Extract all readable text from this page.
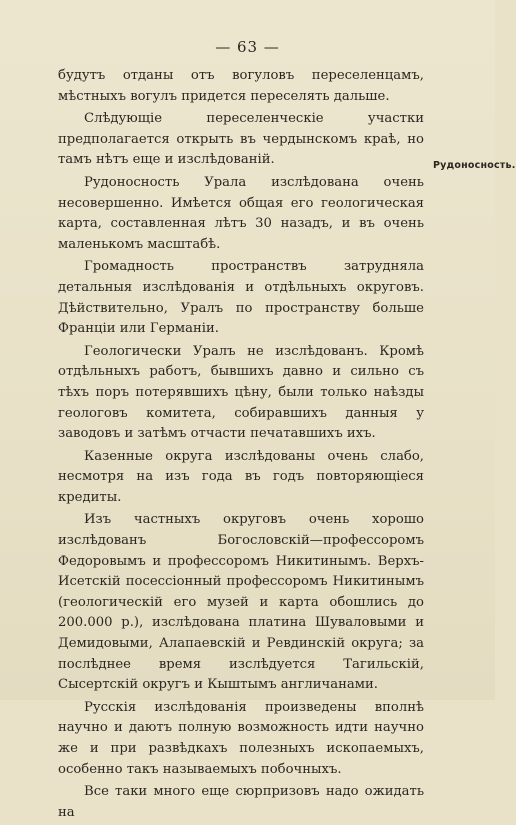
— 63 —

будутъ отданы отъ вогуловъ переселенцамъ, мѣстныхъ вогулъ придется переселять дальше.

Слѣдующіе переселенческіе участки предполагается открыть въ чердынскомъ краѣ, но тамъ нѣтъ еще и изслѣдованій.

Рудоносность Урала изслѣдована очень несовершенно. Имѣется общая его геологическая карта, составленная лѣтъ 30 назадъ, и въ очень маленькомъ масштабѣ.

Громадность пространствъ затрудняла детальныя изслѣдованія и отдѣльныхъ округовъ. Дѣйствительно, Уралъ по пространству больше Франціи или Германіи.

Геологически Уралъ не изслѣдованъ. Кромѣ отдѣльныхъ работъ, бывшихъ давно и сильно съ тѣхъ поръ потерявшихъ цѣну, были только наѣзды геологовъ комитета, собиравшихъ данныя у заводовъ и затѣмъ отчасти печатавшихъ ихъ.

Казенные округа изслѣдованы очень слабо, несмотря на изъ года въ годъ повторяющіеся кредиты.

Изъ частныхъ округовъ очень хорошо изслѣдованъ Богословскій—профессоромъ Федоровымъ и профессоромъ Никитинымъ. Верхъ-Исетскій посессіонный профессоромъ Никитинымъ (геологическій его музей и карта обошлись до 200.000 р.), изслѣдована платина Шуваловыми и Демидовыми, Алапаевскій и Ревдинскій округа; за послѣднее время изслѣдуется Тагильскій, Сысертскій округъ и Кыштымъ англичанами.

Русскія изслѣдованія произведены вполнѣ научно и даютъ полную возможность идти научно же и при развѣдкахъ полезныхъ ископаемыхъ, особенно такъ называемыхъ побочныхъ.

Все таки много еще сюрпризовъ надо ожидать на

Рудоносность.
